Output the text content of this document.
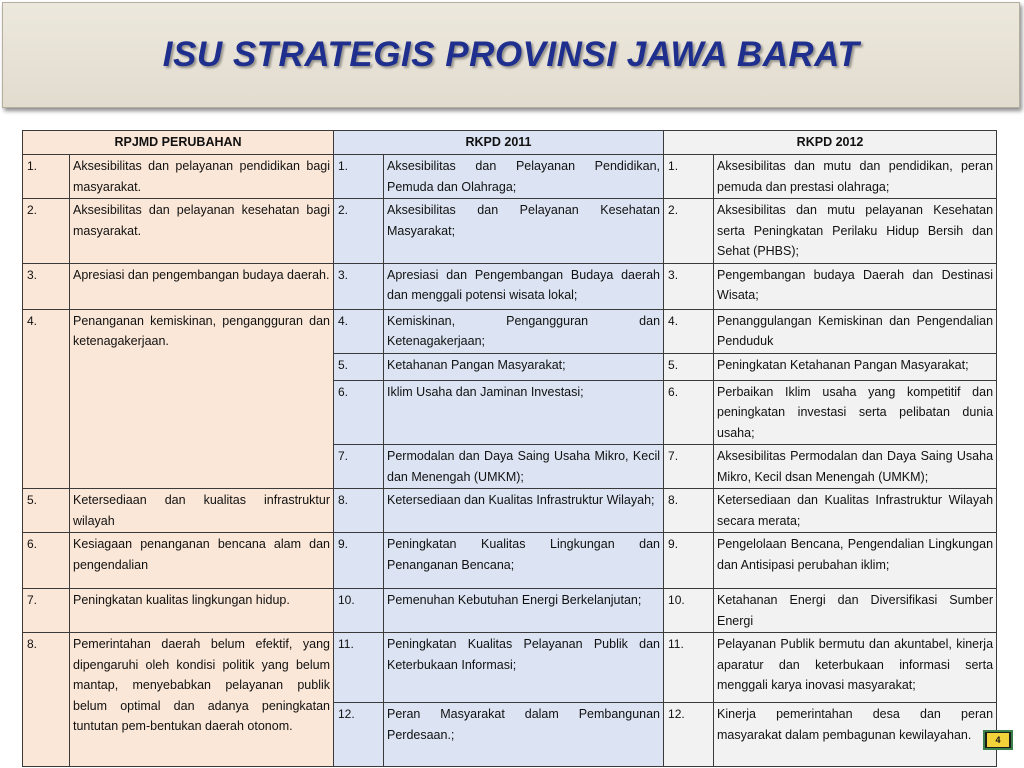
ISU STRATEGIS PROVINSI JAWA BARAT
RPJMD PERUBAHAN		RKPD 2011		RKPD 2012	
1.	Aksesibilitas dan pelayanan pendidikan bagi masyarakat.	1.	Aksesibilitas dan Pelayanan Pendidikan, Pemuda dan Olahraga;	1.	Aksesibilitas dan mutu dan pendidikan, peran pemuda dan prestasi olahraga;
2.	Aksesibilitas dan pelayanan kesehatan bagi masyarakat.	2.	Aksesibilitas dan Pelayanan Kesehatan Masyarakat;	2.	Aksesibilitas dan mutu pelayanan Kesehatan serta Peningkatan Perilaku Hidup Bersih dan Sehat (PHBS);
3.	Apresiasi dan pengembangan budaya daerah.	3.	Apresiasi dan Pengembangan Budaya daerah dan menggali potensi wisata lokal;	3.	Pengembangan budaya Daerah dan Destinasi Wisata;
4.	Penanganan kemiskinan, pengangguran dan ketenagakerjaan.	4.	Kemiskinan, Pengangguran dan Ketenagakerjaan;	4.	Penanggulangan Kemiskinan dan Pengendalian Penduduk
		5.	Ketahanan Pangan Masyarakat;	5.	Peningkatan Ketahanan Pangan Masyarakat;
		6.	Iklim Usaha dan Jaminan Investasi;	6.	Perbaikan Iklim usaha yang kompetitif dan peningkatan investasi serta pelibatan dunia usaha;
		7.	Permodalan dan Daya Saing Usaha Mikro, Kecil dan Menengah (UMKM);	7.	Aksesibilitas Permodalan dan Daya Saing Usaha Mikro, Kecil dsan Menengah (UMKM);
5.	Ketersediaan dan kualitas infrastruktur wilayah	8.	Ketersediaan dan Kualitas Infrastruktur Wilayah;	8.	Ketersediaan dan Kualitas Infrastruktur Wilayah secara merata;
6.	Kesiagaan penanganan bencana alam dan pengendalian	9.	Peningkatan Kualitas Lingkungan dan Penanganan Bencana;	9.	Pengelolaan Bencana, Pengendalian Lingkungan dan Antisipasi perubahan iklim;
7.	Peningkatan kualitas lingkungan hidup.	10.	Pemenuhan Kebutuhan Energi Berkelanjutan;	10.	Ketahanan Energi dan Diversifikasi Sumber Energi
8.	Pemerintahan daerah belum efektif, yang dipengaruhi oleh kondisi politik yang belum mantap, menyebabkan pelayanan publik belum optimal dan adanya peningkatan tuntutan pem-bentukan daerah otonom.	11.	Peningkatan Kualitas Pelayanan Publik dan Keterbukaan Informasi;	11.	Pelayanan Publik bermutu dan akuntabel, kinerja aparatur dan keterbukaan informasi serta menggali karya inovasi masyarakat;
		12.	Peran Masyarakat dalam Pembangunan Perdesaan.;	12.	Kinerja pemerintahan desa dan peran masyarakat dalam pembagunan kewilayahan.	4
